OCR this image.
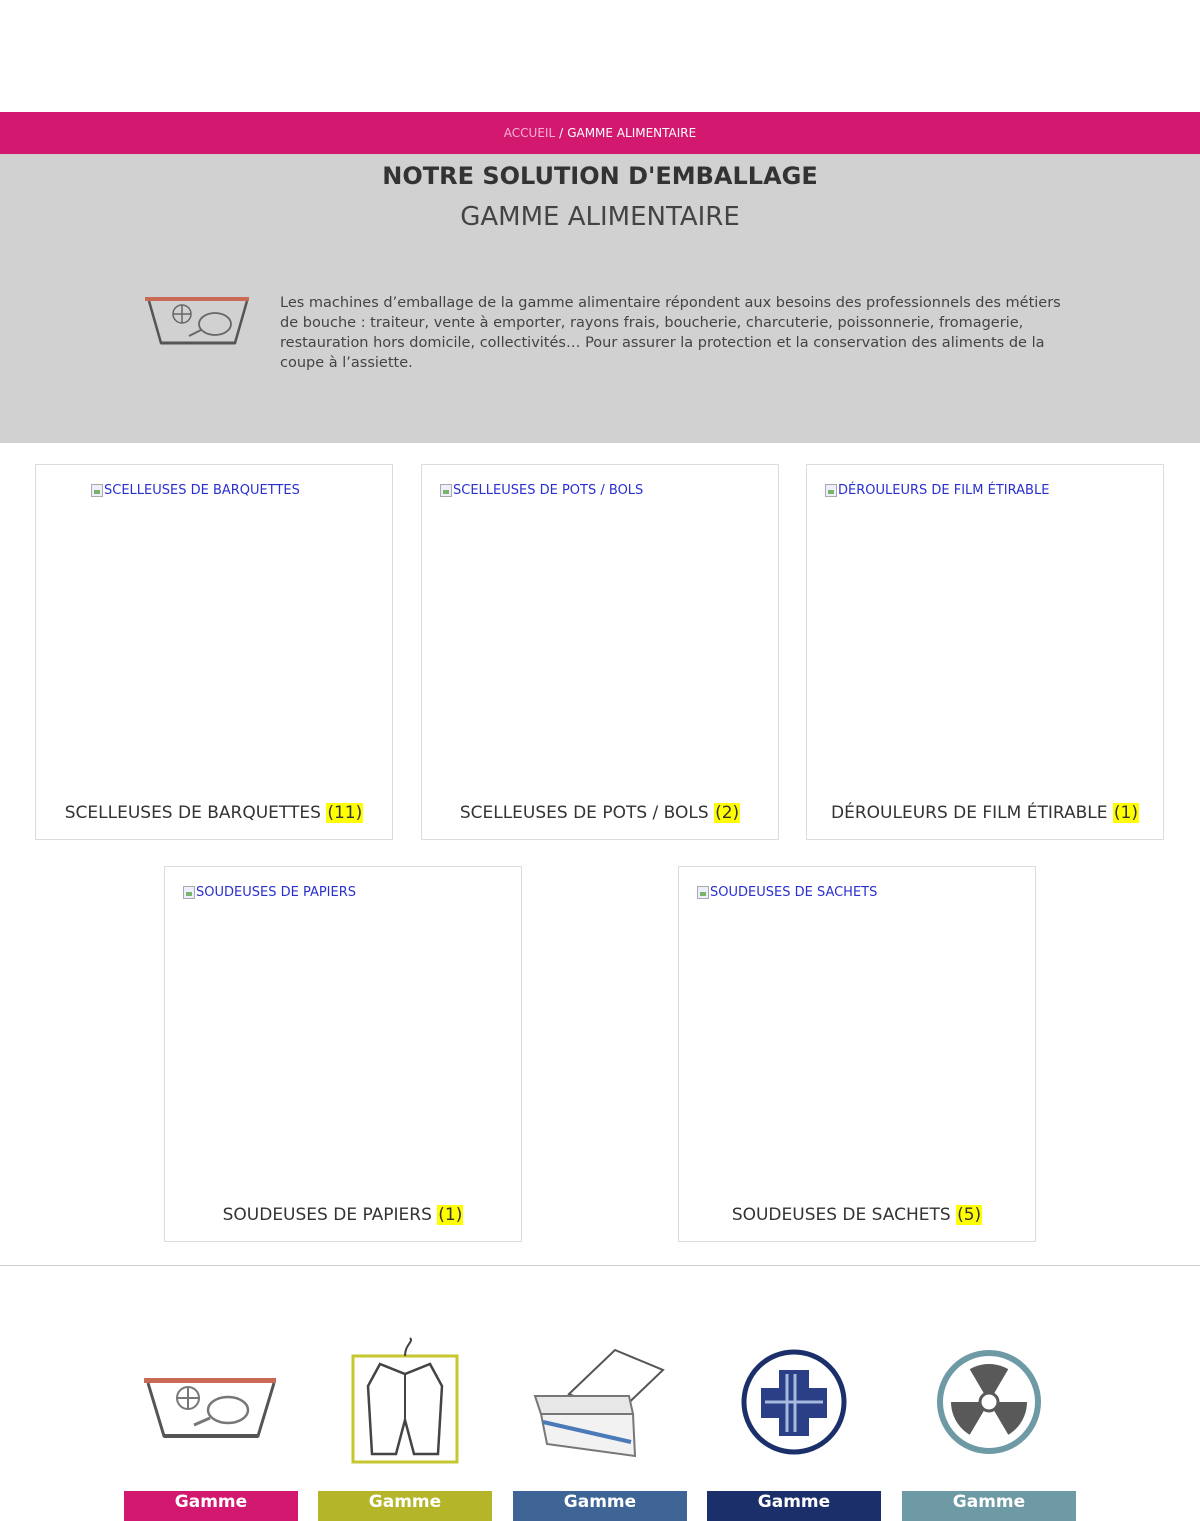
ACCUEIL / GAMME ALIMENTAIRE
NOTRE SOLUTION D'EMBALLAGE
GAMME ALIMENTAIRE

Les machines d’emballage de la gamme alimentaire répondent aux besoins des professionnels des métiers de bouche : traiteur, vente à emporter, rayons frais, boucherie, charcuterie, poissonnerie, fromagerie, restauration hors domicile, collectivités… Pour assurer la protection et la conservation des aliments de la coupe à l’assiette.

SCELLEUSES DE BARQUETTES
SCELLEUSES DE BARQUETTES (11)
SCELLEUSES DE POTS / BOLS
SCELLEUSES DE POTS / BOLS (2)
DÉROULEURS DE FILM ÉTIRABLE
DÉROULEURS DE FILM ÉTIRABLE (1)
SOUDEUSES DE PAPIERS
SOUDEUSES DE PAPIERS (1)
SOUDEUSES DE SACHETS
SOUDEUSES DE SACHETS (5)
Gamme	Gamme	Gamme	Gamme	Gamme
